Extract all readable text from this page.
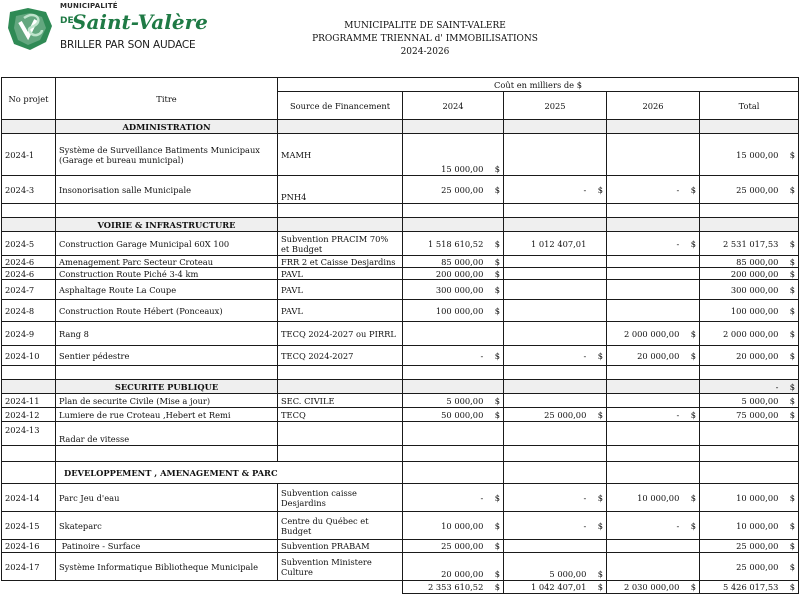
MUNICIPALITÉ
DE
Saint-Valère
BRILLER PAR SON AUDACE
MUNICIPALITE DE SAINT-VALERE
PROGRAMME TRIENNAL d' IMMOBILISATIONS
2024-2026
No projet	Titre	Coût en milliers de $				
		Source de Financement	2024	2025	2026	Total
	ADMINISTRATION					
2024-1	Système de Surveillance Batiments Municipaux (Garage et bureau municipal)	MAMH	15 000,00 $			15 000,00 $
2024-3	Insonorisation salle Municipale	PNH4	25 000,00 $	- $	- $	25 000,00 $

	VOIRIE & INFRASTRUCTURE					
2024-5	Construction Garage Municipal 60X 100	Subvention PRACIM 70% et Budget	1 518 610,52 $	1 012 407,01	- $	2 531 017,53 $
2024-6	Amenagement Parc Secteur Croteau	FRR 2 et Caisse Desjardins	85 000,00 $			85 000,00 $
2024-6	Construction Route Piché 3-4 km	PAVL	200 000,00 $			200 000,00 $
2024-7	Asphaltage Route La Coupe	PAVL	300 000,00 $			300 000,00 $
2024-8	Construction Route Hébert (Ponceaux)	PAVL	100 000,00 $			100 000,00 $
2024-9	Rang 8	TECQ 2024-2027 ou PIRRL			2 000 000,00 $	2 000 000,00 $
2024-10	Sentier pédestre	TECQ 2024-2027	- $	- $	20 000,00 $	20 000,00 $

	SECURITE PUBLIQUE					- $
2024-11	Plan de securite Civile (Mise a jour)	SEC. CIVILE	5 000,00 $			5 000,00 $
2024-12	Lumiere de rue Croteau ,Hebert et Remi	TECQ	50 000,00 $	25 000,00 $	- $	75 000,00 $
2024-13	Radar de vitesse					

	DEVELOPPEMENT , AMENAGEMENT & PARC					
2024-14	Parc Jeu d'eau	Subvention caisse Desjardins	- $	- $	10 000,00 $	10 000,00 $
2024-15	Skateparc	Centre du Québec et Budget	10 000,00 $	- $	- $	10 000,00 $
2024-16	Patinoire - Surface	Subvention PRABAM	25 000,00 $			25 000,00 $
2024-17	Système Informatique Bibliotheque Municipale	Subvention Ministere Culture	20 000,00 $	5 000,00 $		25 000,00 $
			2 353 610,52 $	1 042 407,01 $	2 030 000,00 $	5 426 017,53 $
